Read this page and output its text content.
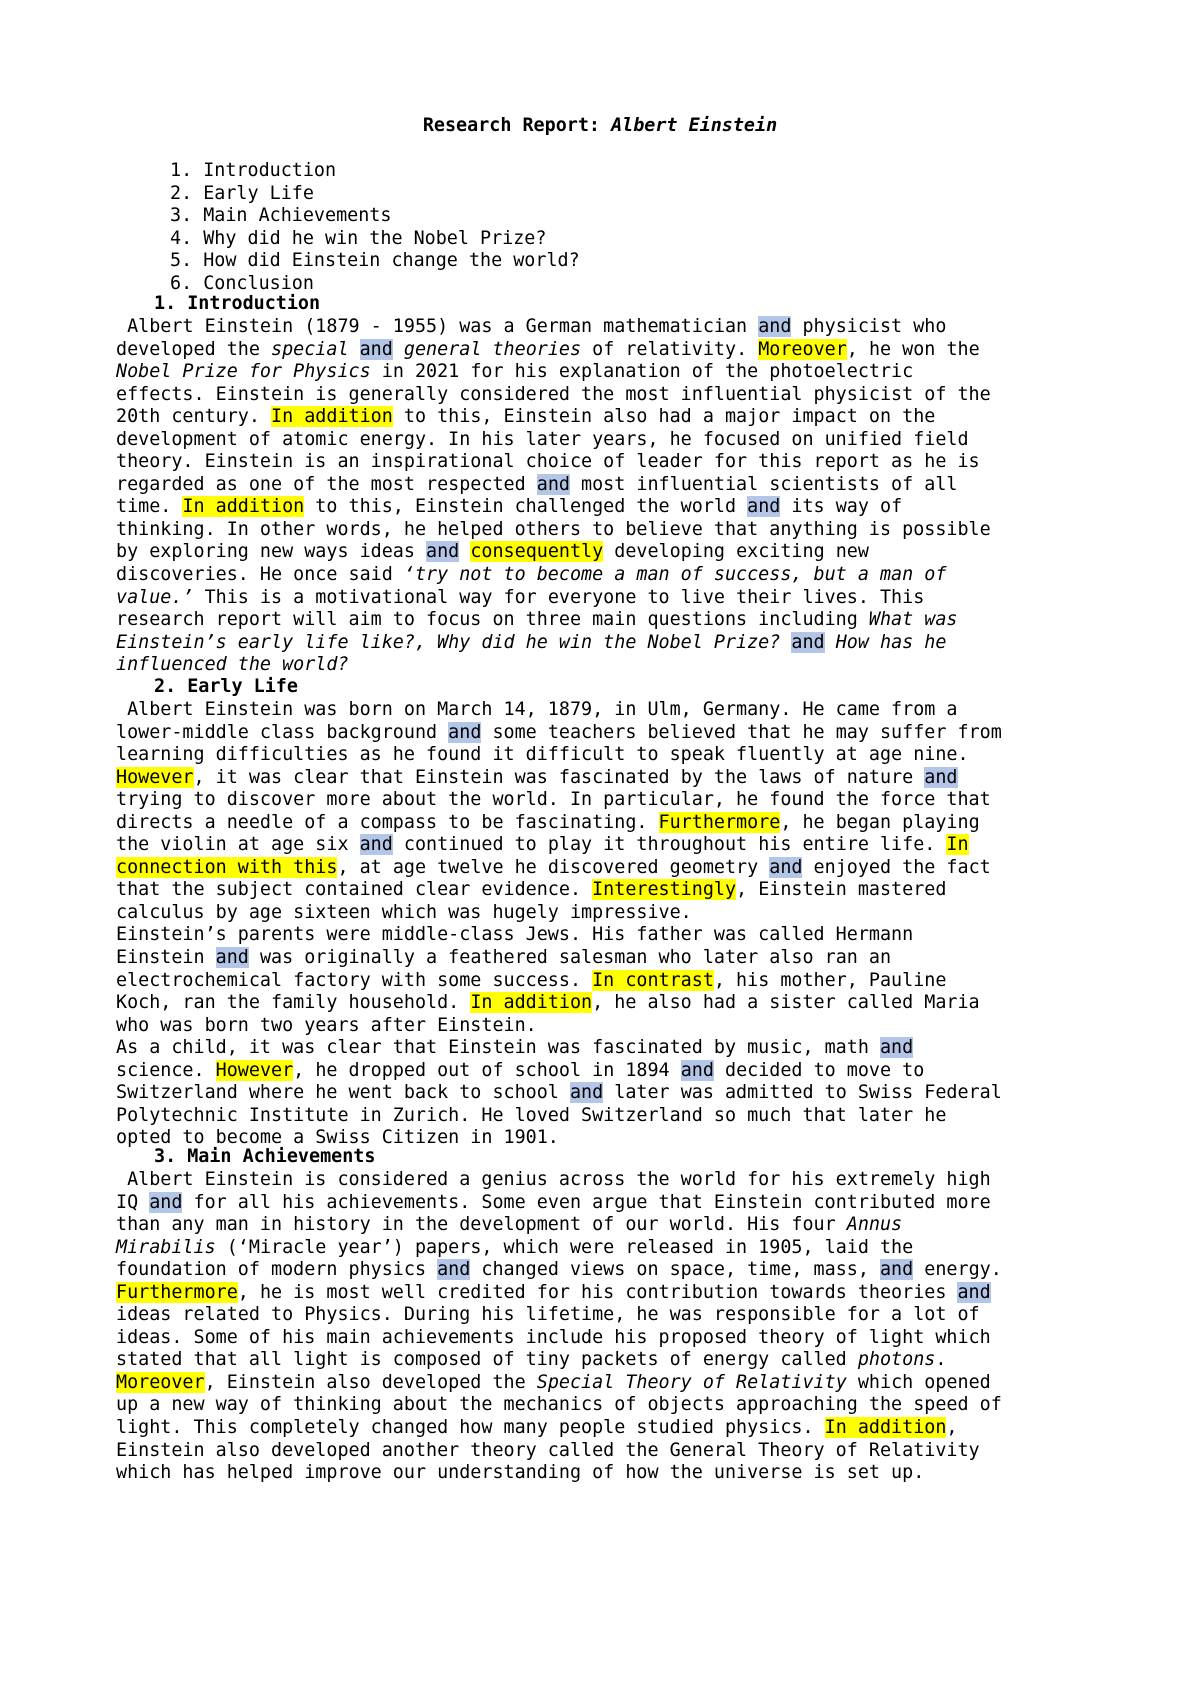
Research Report: Albert Einstein
1. Introduction
2. Early Life
3. Main Achievements
4. Why did he win the Nobel Prize?
5. How did Einstein change the world?
6. Conclusion
1. Introduction
Albert Einstein (1879 - 1955) was a German mathematician and physicist who
developed the special and general theories of relativity. Moreover, he won the
Nobel Prize for Physics in 2021 for his explanation of the photoelectric
effects. Einstein is generally considered the most influential physicist of the
20th century. In addition to this, Einstein also had a major impact on the
development of atomic energy. In his later years, he focused on unified field
theory. Einstein is an inspirational choice of leader for this report as he is
regarded as one of the most respected and most influential scientists of all
time. In addition to this, Einstein challenged the world and its way of
thinking. In other words, he helped others to believe that anything is possible
by exploring new ways ideas and consequently developing exciting new
discoveries. He once said ‘try not to become a man of success, but a man of
value.’ This is a motivational way for everyone to live their lives. This
research report will aim to focus on three main questions including What was
Einstein’s early life like?, Why did he win the Nobel Prize? and How has he
influenced the world?
2. Early Life
Albert Einstein was born on March 14, 1879, in Ulm, Germany. He came from a
lower-middle class background and some teachers believed that he may suffer from
learning difficulties as he found it difficult to speak fluently at age nine.
However, it was clear that Einstein was fascinated by the laws of nature and
trying to discover more about the world. In particular, he found the force that
directs a needle of a compass to be fascinating. Furthermore, he began playing
the violin at age six and continued to play it throughout his entire life. In
connection with this, at age twelve he discovered geometry and enjoyed the fact
that the subject contained clear evidence. Interestingly, Einstein mastered
calculus by age sixteen which was hugely impressive.
Einstein’s parents were middle-class Jews. His father was called Hermann
Einstein and was originally a feathered salesman who later also ran an
electrochemical factory with some success. In contrast, his mother, Pauline
Koch, ran the family household. In addition, he also had a sister called Maria
who was born two years after Einstein.
As a child, it was clear that Einstein was fascinated by music, math and
science. However, he dropped out of school in 1894 and decided to move to
Switzerland where he went back to school and later was admitted to Swiss Federal
Polytechnic Institute in Zurich. He loved Switzerland so much that later he
opted to become a Swiss Citizen in 1901.
3. Main Achievements
Albert Einstein is considered a genius across the world for his extremely high
IQ and for all his achievements. Some even argue that Einstein contributed more
than any man in history in the development of our world. His four Annus
Mirabilis (‘Miracle year’) papers, which were released in 1905, laid the
foundation of modern physics and changed views on space, time, mass, and energy.
Furthermore, he is most well credited for his contribution towards theories and
ideas related to Physics. During his lifetime, he was responsible for a lot of
ideas. Some of his main achievements include his proposed theory of light which
stated that all light is composed of tiny packets of energy called photons.
Moreover, Einstein also developed the Special Theory of Relativity which opened
up a new way of thinking about the mechanics of objects approaching the speed of
light. This completely changed how many people studied physics. In addition,
Einstein also developed another theory called the General Theory of Relativity
which has helped improve our understanding of how the universe is set up.
